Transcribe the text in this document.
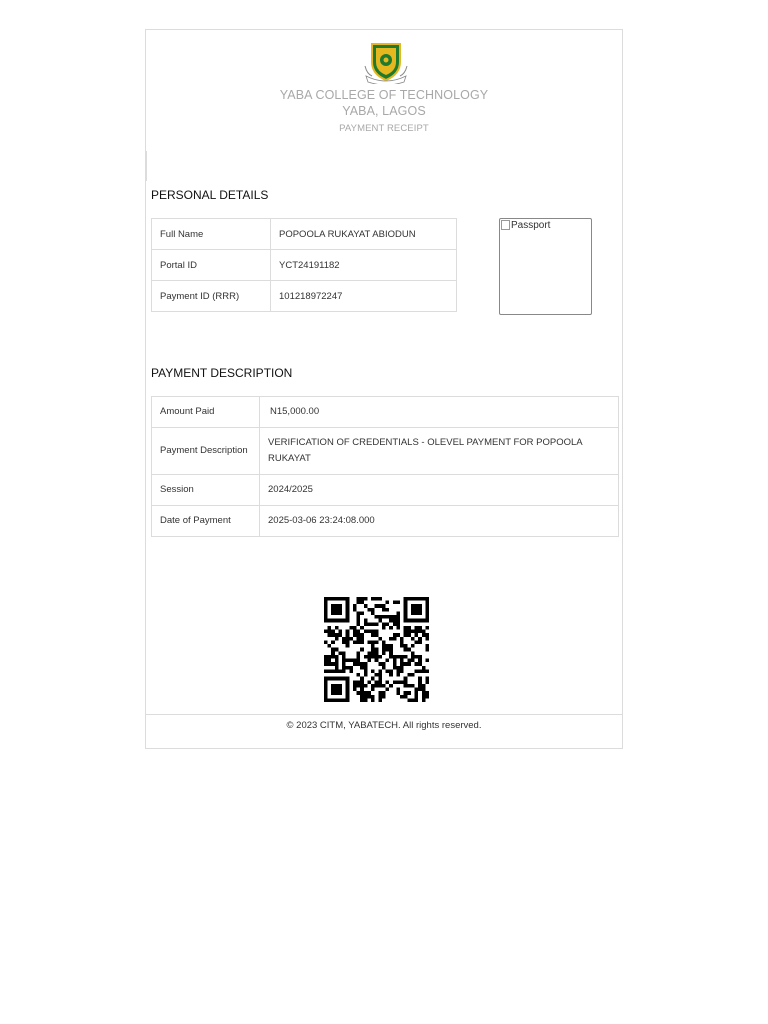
YABA COLLEGE OF TECHNOLOGY
YABA, LAGOS
PAYMENT RECEIPT
PERSONAL DETAILS
Full Name	POPOOLA RUKAYAT ABIODUN
Portal ID	YCT24191182
Payment ID (RRR)	101218972247
Passport
PAYMENT DESCRIPTION
Amount Paid	N15,000.00
Payment Description	VERIFICATION OF CREDENTIALS - OLEVEL PAYMENT FOR POPOOLA RUKAYAT
Session	2024/2025
Date of Payment	2025-03-06 23:24:08.000
© 2023 CITM, YABATECH. All rights reserved.
